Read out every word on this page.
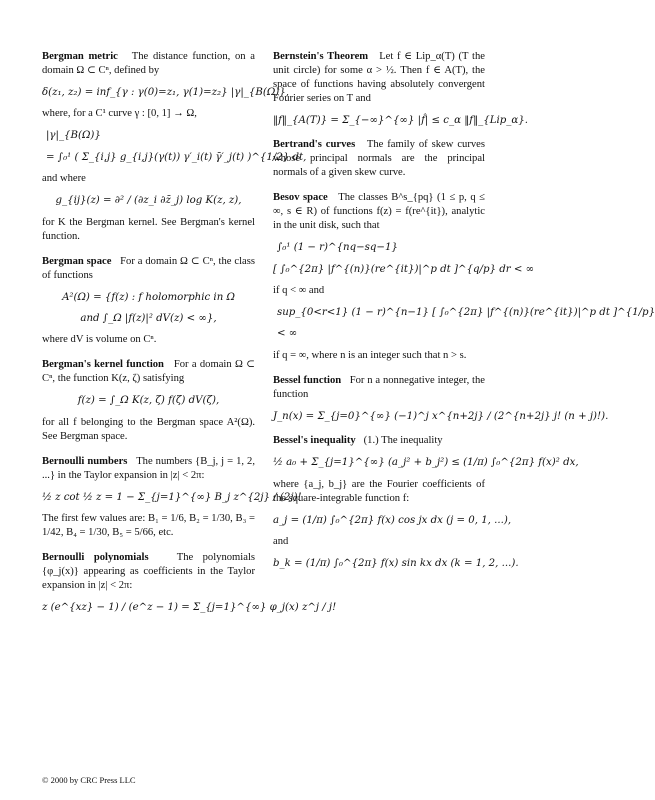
Bergman metric The distance function, on a domain Ω ⊂ Cⁿ, defined by

δ(z₁, z₂) = inf_{γ : γ(0)=z₁, γ(1)=z₂} |γ|_{B(Ω)},

where, for a C¹ curve γ : [0, 1] → Ω,

|γ|_{B(Ω)}
= ∫₀¹ ( Σ_{i,j} g_{i,j}(γ(t)) γ′_i(t) γ̄′_j(t) )^{1/2} dt,

and where

g_{ij}(z) = ∂² / (∂z_i ∂z̄_j) log K(z, z),

for K the Bergman kernel. See Bergman's kernel function.

Bergman space For a domain Ω ⊂ Cⁿ, the class of functions

A²(Ω) = {f(z) : f holomorphic in Ω
and ∫_Ω |f(z)|² dV(z) < ∞},

where dV is volume on Cⁿ.

Bergman's kernel function For a domain Ω ⊂ Cⁿ, the function K(z, ζ) satisfying

f(z) = ∫_Ω K(z, ζ) f(ζ) dV(ζ),

for all f belonging to the Bergman space A²(Ω). See Bergman space.

Bernoulli numbers The numbers {B_j, j = 1, 2, ...} in the Taylor expansion in |z| < 2π:

½ z cot ½ z = 1 − Σ_{j=1}^{∞} B_j z^{2j} / (2j)!

The first few values are: B₁ = 1/6, B₂ = 1/30, B₃ = 1/42, B₄ = 1/30, B₅ = 5/66, etc.

Bernoulli polynomials	The polynomials {φ_j(x)} appearing as coefficients in the Taylor expansion in |z| < 2π:

z (e^{xz} − 1) / (e^z − 1) = Σ_{j=1}^{∞} φ_j(x) z^j / j!

Bernstein's Theorem Let f ∈ Lip_α(T) (T the unit circle) for some α > ½. Then f ∈ A(T), the space of functions having absolutely convergent Fourier series on T and

‖f‖_{A(T)} = Σ_{−∞}^{∞} |f̂| ≤ c_α ‖f‖_{Lip_α}.

Bertrand's curves The family of skew curves whose principal normals are the principal normals of a given skew curve.

Besov space The classes B^s_{pq} (1 ≤ p, q ≤ ∞, s ∈ R) of functions f(z) = f(re^{it}), analytic in the unit disk, such that

∫₀¹ (1 − r)^{nq−sq−1}
[ ∫₀^{2π} |f^{(n)}(re^{it})|^p dt ]^{q/p} dr < ∞

if q < ∞ and

sup_{0<r<1} (1 − r)^{n−1} [ ∫₀^{2π} |f^{(n)}(re^{it})|^p dt ]^{1/p}
< ∞

if q = ∞, where n is an integer such that n > s.

Bessel function For n a nonnegative integer, the function

J_n(x) = Σ_{j=0}^{∞} (−1)^j x^{n+2j} / (2^{n+2j} j! (n + j)!).

Bessel's inequality (1.) The inequality

½ a₀ + Σ_{j=1}^{∞} (a_j² + b_j²) ≤ (1/π) ∫₀^{2π} f(x)² dx,

where {a_j, b_j} are the Fourier coefficients of the square-integrable function f:

a_j = (1/π) ∫₀^{2π} f(x) cos jx dx (j = 0, 1, ...),

and

b_k = (1/π) ∫₀^{2π} f(x) sin kx dx (k = 1, 2, ...).
© 2000 by CRC Press LLC
